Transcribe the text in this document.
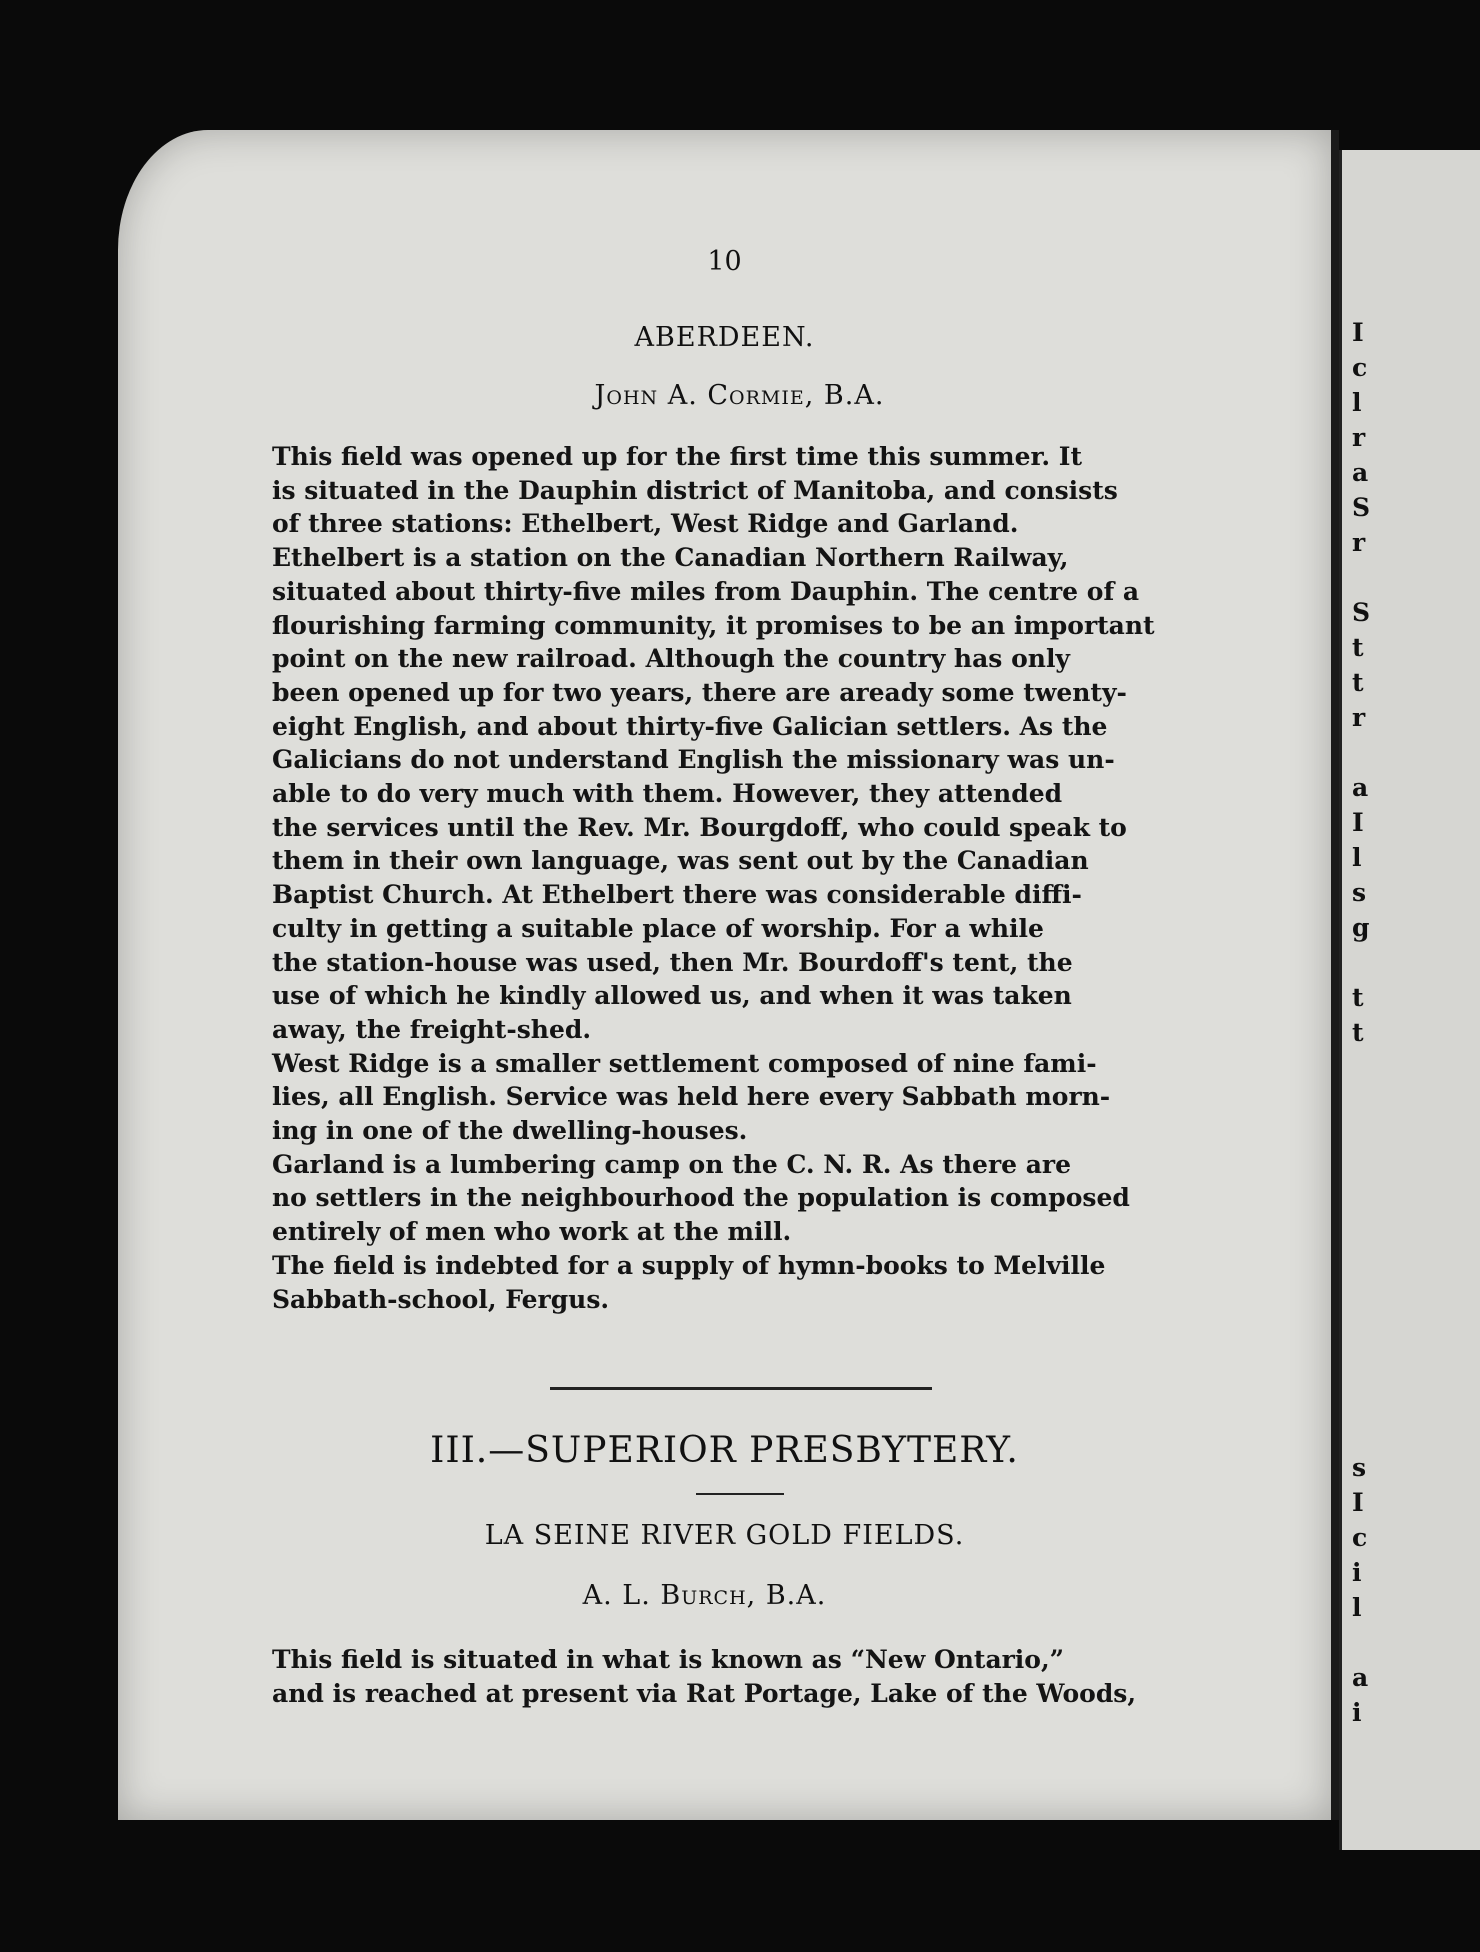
10
ABERDEEN.
John A. Cormie, B.A.
This field was opened up for the first time this summer. It
is situated in the Dauphin district of Manitoba, and consists
of three stations: Ethelbert, West Ridge and Garland.
Ethelbert is a station on the Canadian Northern Railway,
situated about thirty-five miles from Dauphin. The centre of a
flourishing farming community, it promises to be an important
point on the new railroad. Although the country has only
been opened up for two years, there are aready some twenty-
eight English, and about thirty-five Galician settlers. As the
Galicians do not understand English the missionary was un-
able to do very much with them. However, they attended
the services until the Rev. Mr. Bourgdoff, who could speak to
them in their own language, was sent out by the Canadian
Baptist Church. At Ethelbert there was considerable diffi-
culty in getting a suitable place of worship. For a while
the station-house was used, then Mr. Bourdoff's tent, the
use of which he kindly allowed us, and when it was taken
away, the freight-shed.
West Ridge is a smaller settlement composed of nine fami-
lies, all English. Service was held here every Sabbath morn-
ing in one of the dwelling-houses.
Garland is a lumbering camp on the C. N. R. As there are
no settlers in the neighbourhood the population is composed
entirely of men who work at the mill.
The field is indebted for a supply of hymn-books to Melville
Sabbath-school, Fergus.
III.—SUPERIOR PRESBYTERY.
LA SEINE RIVER GOLD FIELDS.
A. L. Burch, B.A.
This field is situated in what is known as “New Ontario,”
and is reached at present via Rat Portage, Lake of the Woods,
I
c
l
r
a
S
r
S
t
t
r
a
I
l
s
g
t
t
s
I
c
i
l
a
i
